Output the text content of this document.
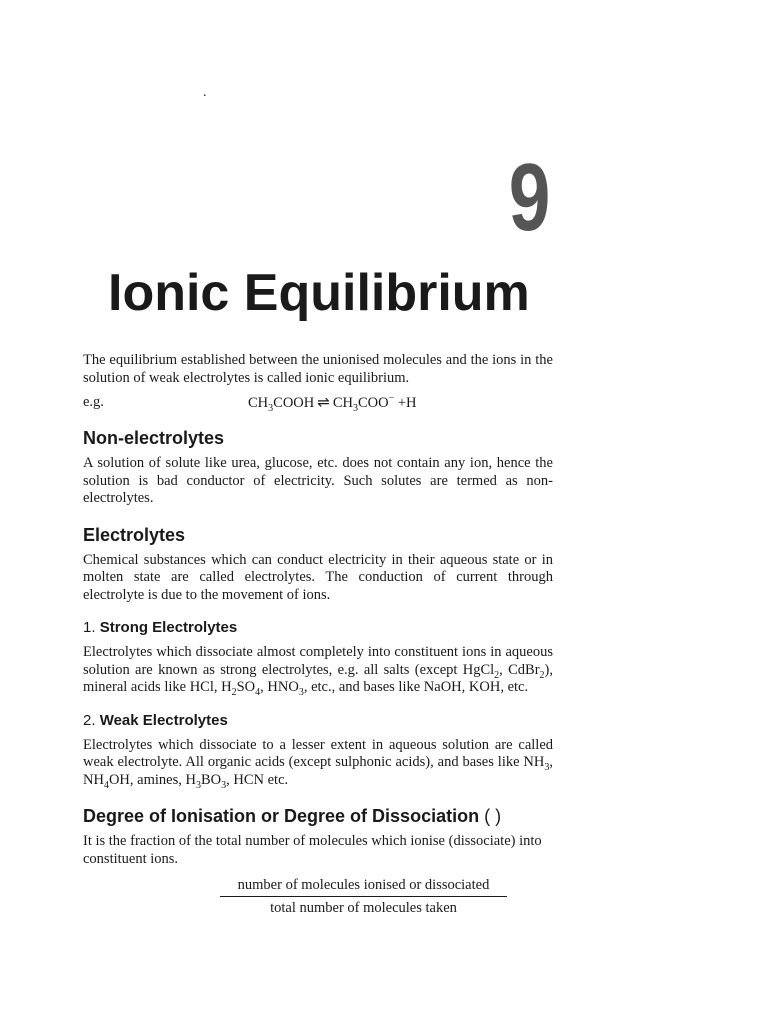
.
9
Ionic Equilibrium

The equilibrium established between the unionised molecules and the ions in the solution of weak electrolytes is called ionic equilibrium.

e.g.	$CH_3COOH$ ⇌ $CH_3COO^- +H$
Non-electrolytes

A solution of solute like urea, glucose, etc. does not contain any ion, hence the solution is bad conductor of electricity. Such solutes are termed as non-electrolytes.

Electrolytes

Chemical substances which can conduct electricity in their aqueous state or in molten state are called electrolytes. The conduction of current through electrolyte is due to the movement of ions.

1. Strong Electrolytes

Electrolytes which dissociate almost completely into constituent ions in aqueous solution are known as strong electrolytes, e.g. all salts (except HgCl$_2$, CdBr$_2$), mineral acids like HCl, $H_2SO_4$, $HNO_3$, etc., and bases like NaOH, KOH, etc.

2. Weak Electrolytes

Electrolytes which dissociate to a lesser extent in aqueous solution are called weak electrolyte. All organic acids (except sulphonic acids), and bases like $NH_3$, $NH_4OH$, amines, $H_3BO_3$, HCN etc.

Degree of Ionisation or Degree of Dissociation ( )

It is the fraction of the total number of molecules which ionise (dissociate) into constituent ions.

number of molecules ionised or dissociated
total number of molecules taken
